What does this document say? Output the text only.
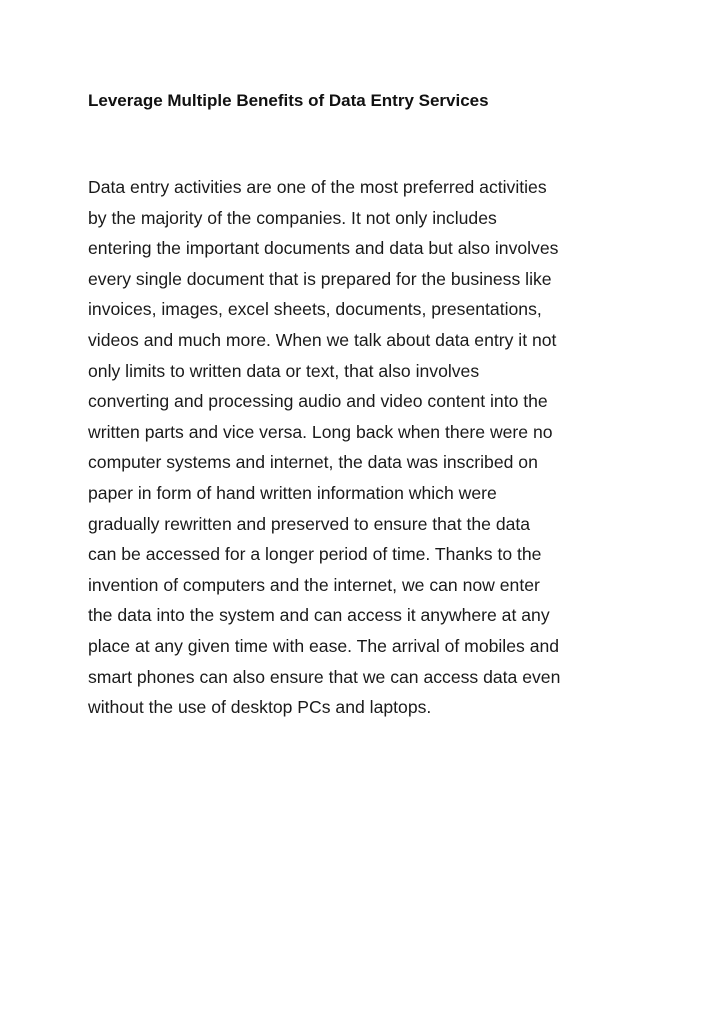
Leverage Multiple Benefits of Data Entry Services

Data entry activities are one of the most preferred activities
by the majority of the companies. It not only includes
entering the important documents and data but also involves
every single document that is prepared for the business like
invoices, images, excel sheets, documents, presentations,
videos and much more. When we talk about data entry it not
only limits to written data or text, that also involves
converting and processing audio and video content into the
written parts and vice versa. Long back when there were no
computer systems and internet, the data was inscribed on
paper in form of hand written information which were
gradually rewritten and preserved to ensure that the data
can be accessed for a longer period of time. Thanks to the
invention of computers and the internet, we can now enter
the data into the system and can access it anywhere at any
place at any given time with ease. The arrival of mobiles and
smart phones can also ensure that we can access data even
without the use of desktop PCs and laptops.
